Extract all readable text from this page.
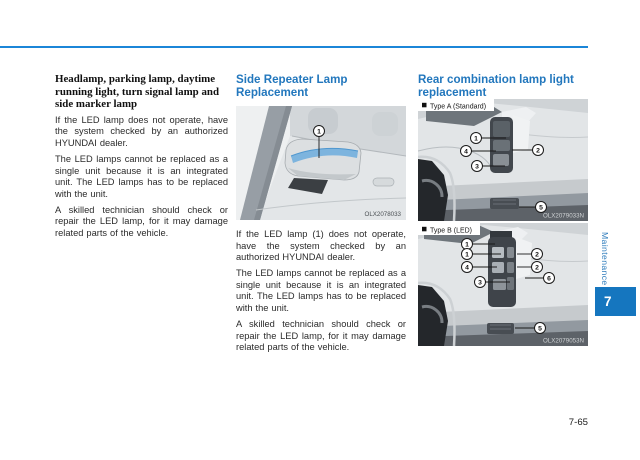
Headlamp, parking lamp, daytime running light, turn signal lamp and side marker lamp

If the LED lamp does not operate, have the system checked by an authorized HYUNDAI dealer.

The LED lamps cannot be replaced as a single unit because it is an integrated unit. The LED lamps has to be replaced with the unit.

A skilled technician should check or repair the LED lamp, for it may damage related parts of the vehicle.

Side Repeater Lamp Replacement
1
OLX2078033

If the LED lamp (1) does not operate, have the system checked by an authorized HYUNDAI dealer.

The LED lamps cannot be replaced as a single unit because it is an integrated unit. The LED lamps has to be replaced with the unit.

A skilled technician should check or repair the LED lamp, for it may damage related parts of the vehicle.

Rear combination lamp light replacement
Type A (Standard)
1
4
3
2
5
OLX2079033N
Type B (LED)
1
1	2
4	2
3
6
5
OLX2079053N
Maintenance
7
7-65
